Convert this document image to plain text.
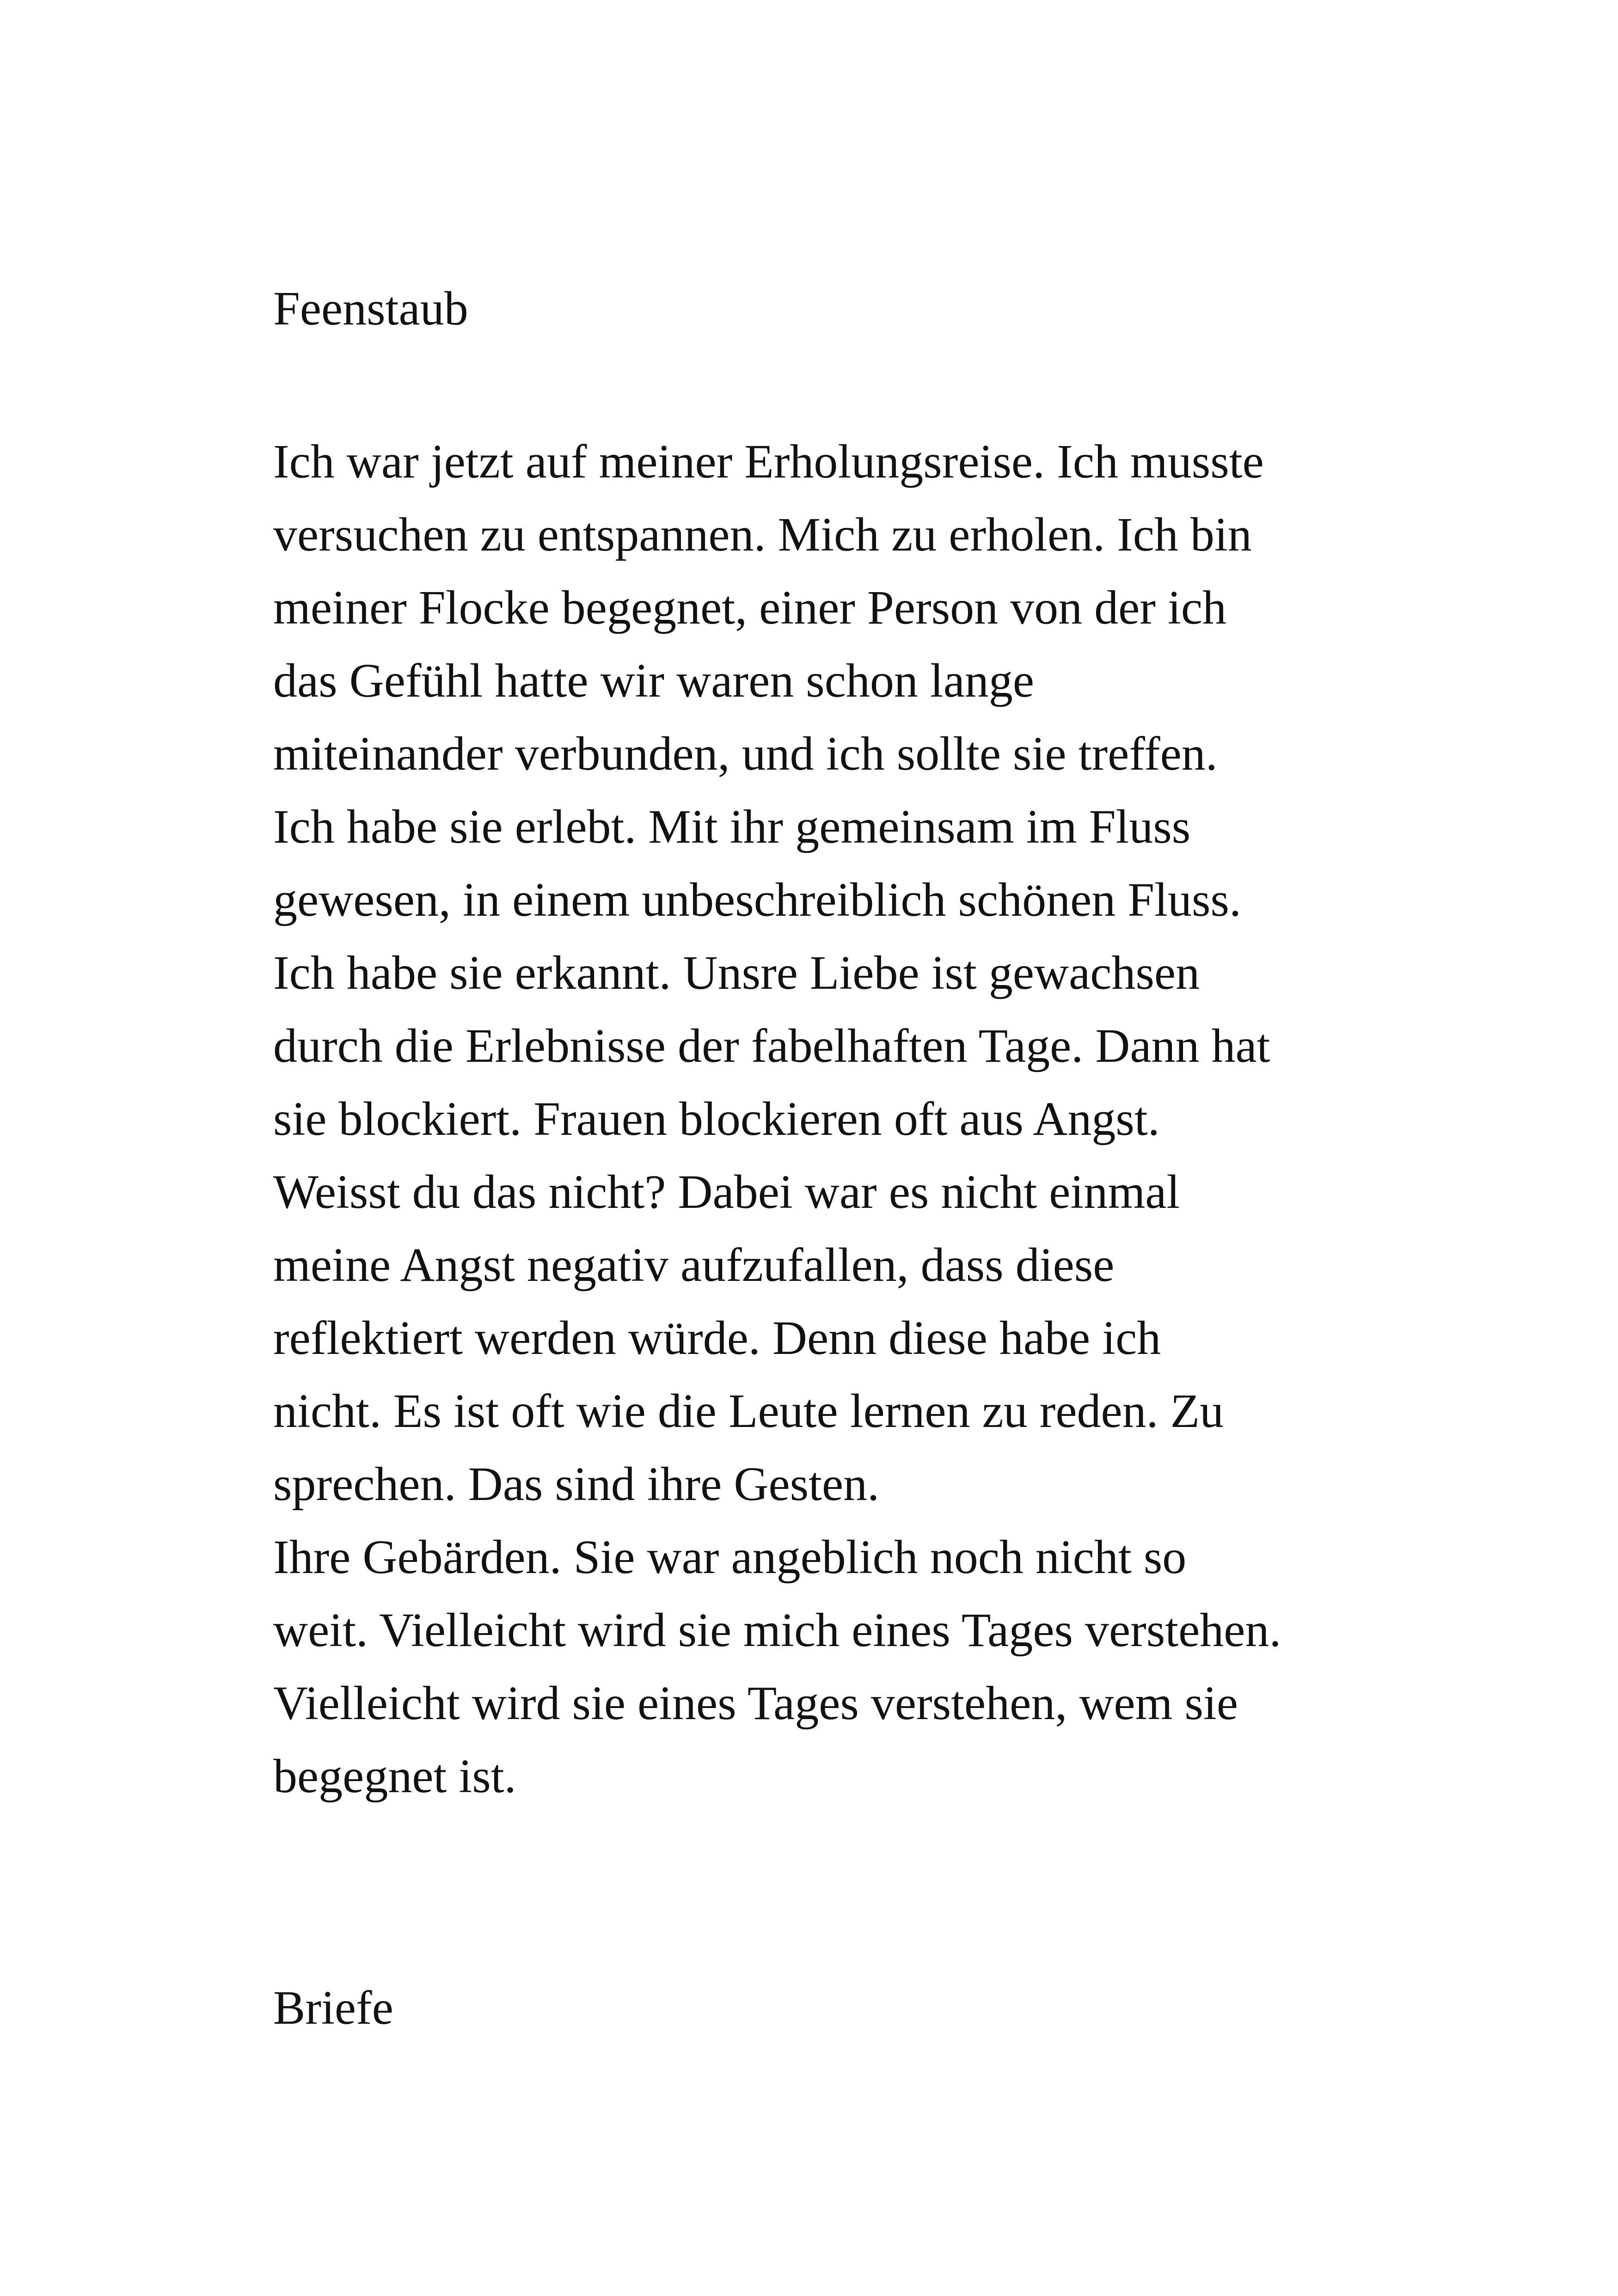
Feenstaub
Ich war jetzt auf meiner Erholungsreise. Ich musste
versuchen zu entspannen. Mich zu erholen. Ich bin
meiner Flocke begegnet, einer Person von der ich
das Gefühl hatte wir waren schon lange
miteinander verbunden, und ich sollte sie treffen.
Ich habe sie erlebt. Mit ihr gemeinsam im Fluss
gewesen, in einem unbeschreiblich schönen Fluss.
Ich habe sie erkannt. Unsre Liebe ist gewachsen
durch die Erlebnisse der fabelhaften Tage. Dann hat
sie blockiert. Frauen blockieren oft aus Angst.
Weisst du das nicht? Dabei war es nicht einmal
meine Angst negativ aufzufallen, dass diese
reflektiert werden würde. Denn diese habe ich
nicht. Es ist oft wie die Leute lernen zu reden. Zu
sprechen. Das sind ihre Gesten.
Ihre Gebärden. Sie war angeblich noch nicht so
weit. Vielleicht wird sie mich eines Tages verstehen.
Vielleicht wird sie eines Tages verstehen, wem sie
begegnet ist.
Briefe
